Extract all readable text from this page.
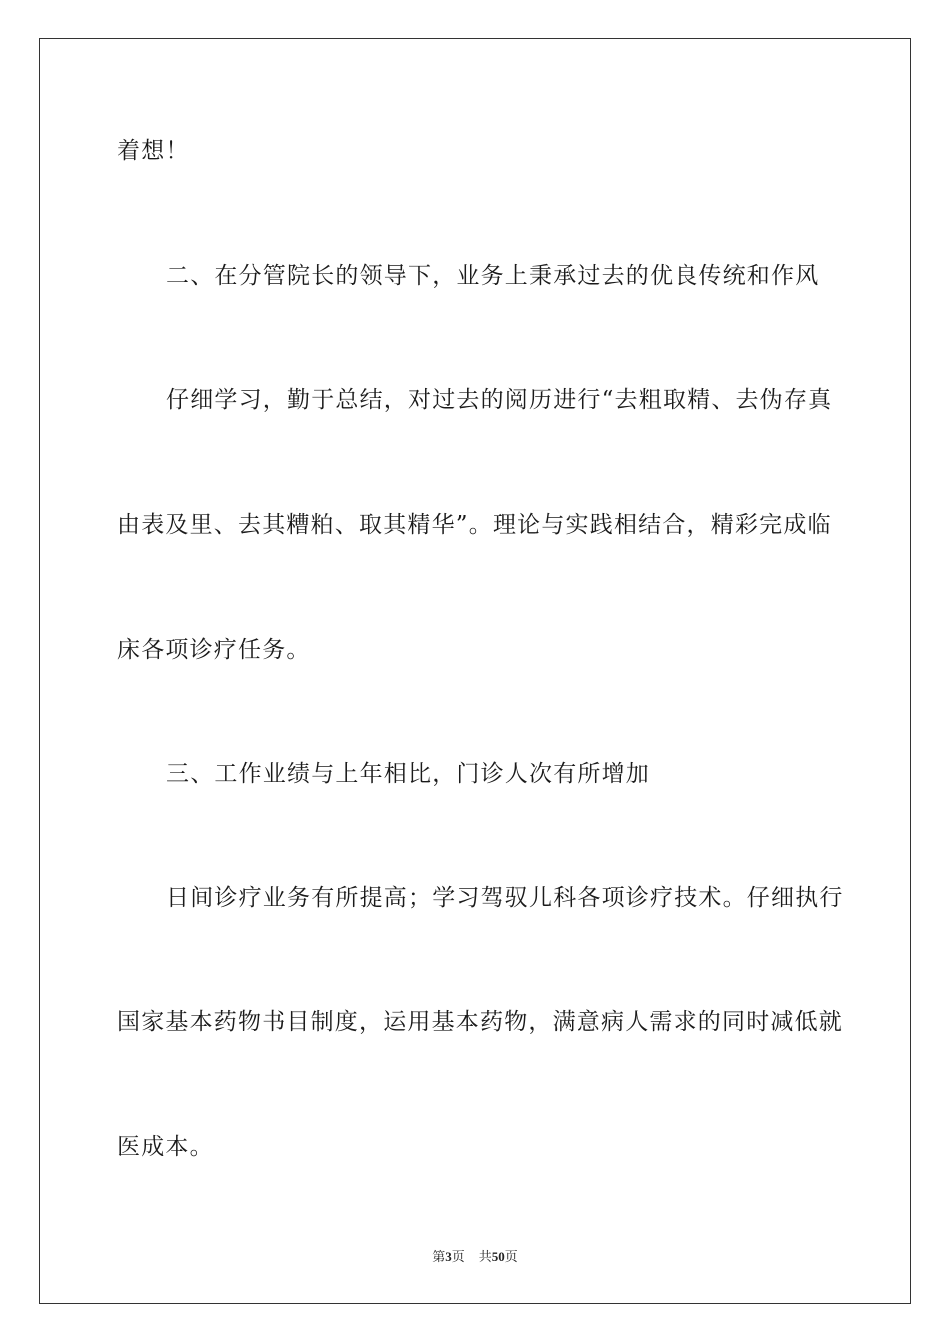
着想！
二、在分管院长的领导下，业务上秉承过去的优良传统和作风
仔细学习，勤于总结，对过去的阅历进行“去粗取精、去伪存真
由表及里、去其糟粕、取其精华”。理论与实践相结合，精彩完成临
床各项诊疗任务。
三、工作业绩与上年相比，门诊人次有所增加
日间诊疗业务有所提高；学习驾驭儿科各项诊疗技术。仔细执行
国家基本药物书目制度，运用基本药物，满意病人需求的同时减低就
医成本。
第3页 共50页
